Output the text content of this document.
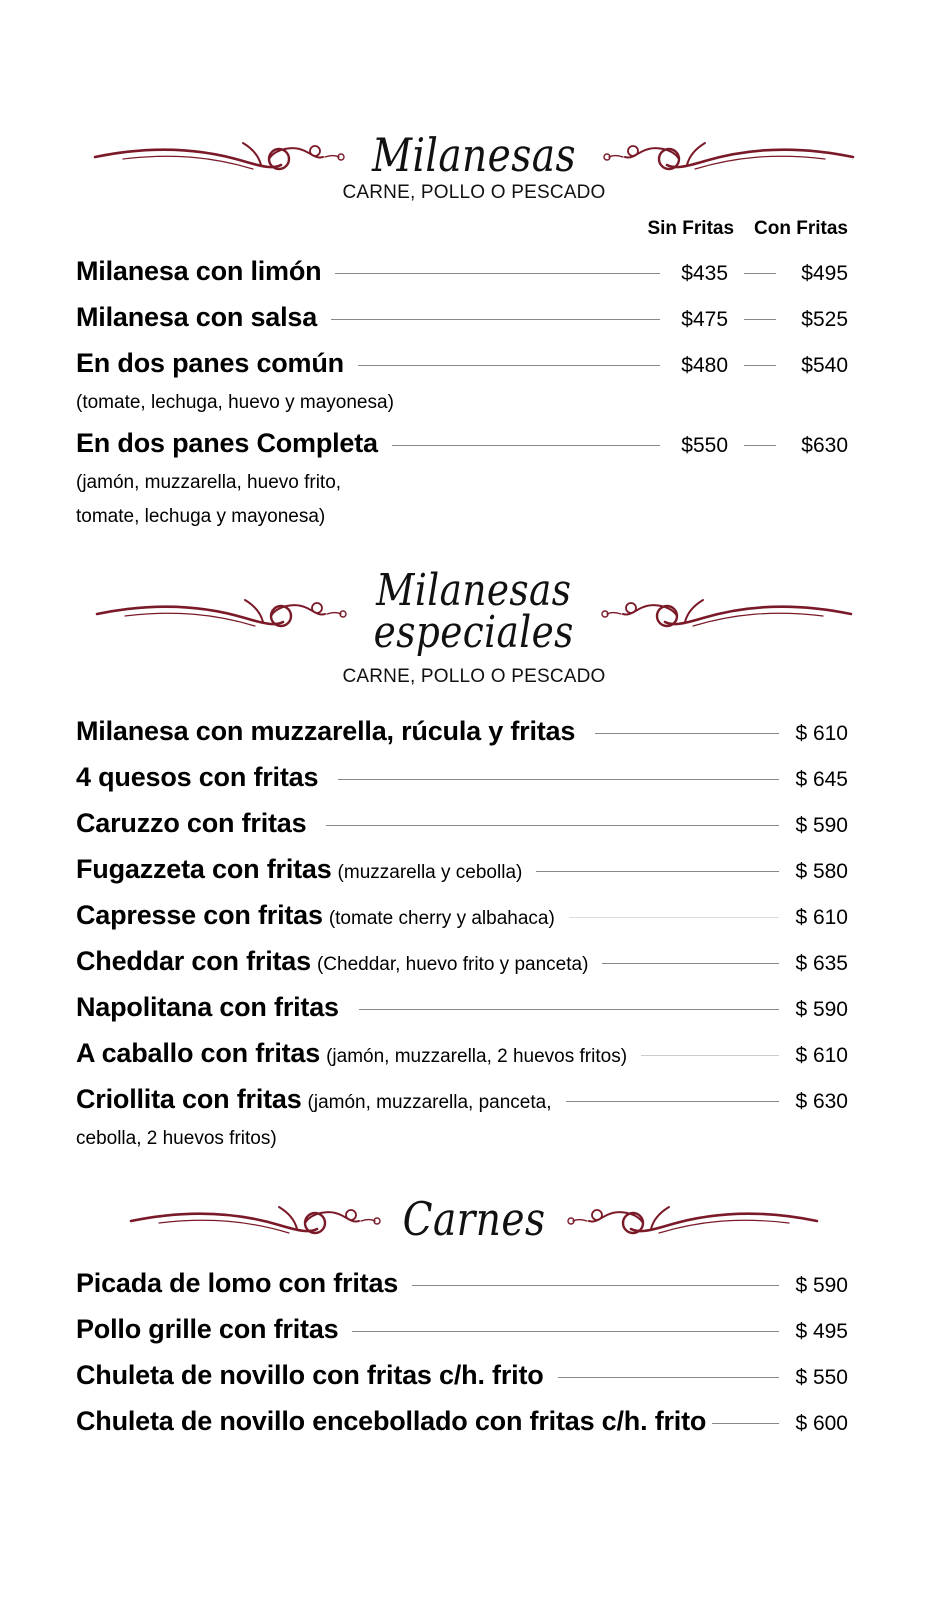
Milanesas
CARNE, POLLO O PESCADO
Sin Fritas Con Fritas
Milanesa con limón	$435	$495
Milanesa con salsa	$475	$525
En dos panes común	$480	$540
(tomate, lechuga, huevo y mayonesa)
En dos panes Completa	$550	$630
(jamón, muzzarella, huevo frito,
tomate, lechuga y mayonesa)
Milanesas
especiales
CARNE, POLLO O PESCADO
Milanesa con muzzarella, rúcula y fritas	$ 610
4 quesos con fritas	$ 645
Caruzzo con fritas	$ 590
Fugazzeta con fritas (muzzarella y cebolla)	$ 580
Capresse con fritas (tomate cherry y albahaca)	$ 610
Cheddar con fritas (Cheddar, huevo frito y panceta)	$ 635
Napolitana con fritas	$ 590
A caballo con fritas (jamón, muzzarella, 2 huevos fritos)	$ 610
Criollita con fritas (jamón, muzzarella, panceta,	$ 630
cebolla, 2 huevos fritos)
Carnes
Picada de lomo con fritas	$ 590
Pollo grille con fritas	$ 495
Chuleta de novillo con fritas c/h. frito	$ 550
Chuleta de novillo encebollado con fritas c/h. frito	$ 600
